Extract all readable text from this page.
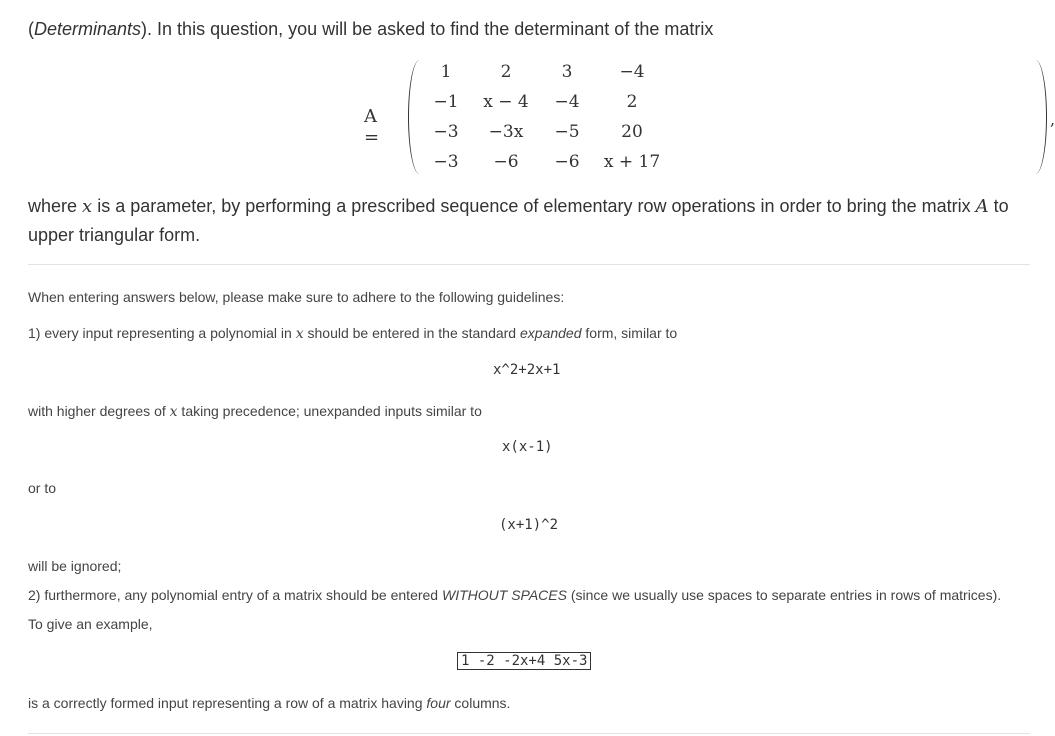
(Determinants). In this question, you will be asked to find the determinant of the matrix
A =
,
1	2	3	−4
−1	x − 4	−4	2
−3	−3x	−5	20
−3	−6	−6	x + 17
where x is a parameter, by performing a prescribed sequence of elementary row operations in order to bring the matrix A to upper triangular form.
When entering answers below, please make sure to adhere to the following guidelines:
1) every input representing a polynomial in x should be entered in the standard expanded form, similar to
x^2+2x+1
with higher degrees of x taking precedence; unexpanded inputs similar to
x(x-1)
or to
(x+1)^2
will be ignored;
2) furthermore, any polynomial entry of a matrix should be entered WITHOUT SPACES (since we usually use spaces to separate entries in rows of matrices).
To give an example,
1 -2 -2x+4 5x-3
is a correctly formed input representing a row of a matrix having four columns.
